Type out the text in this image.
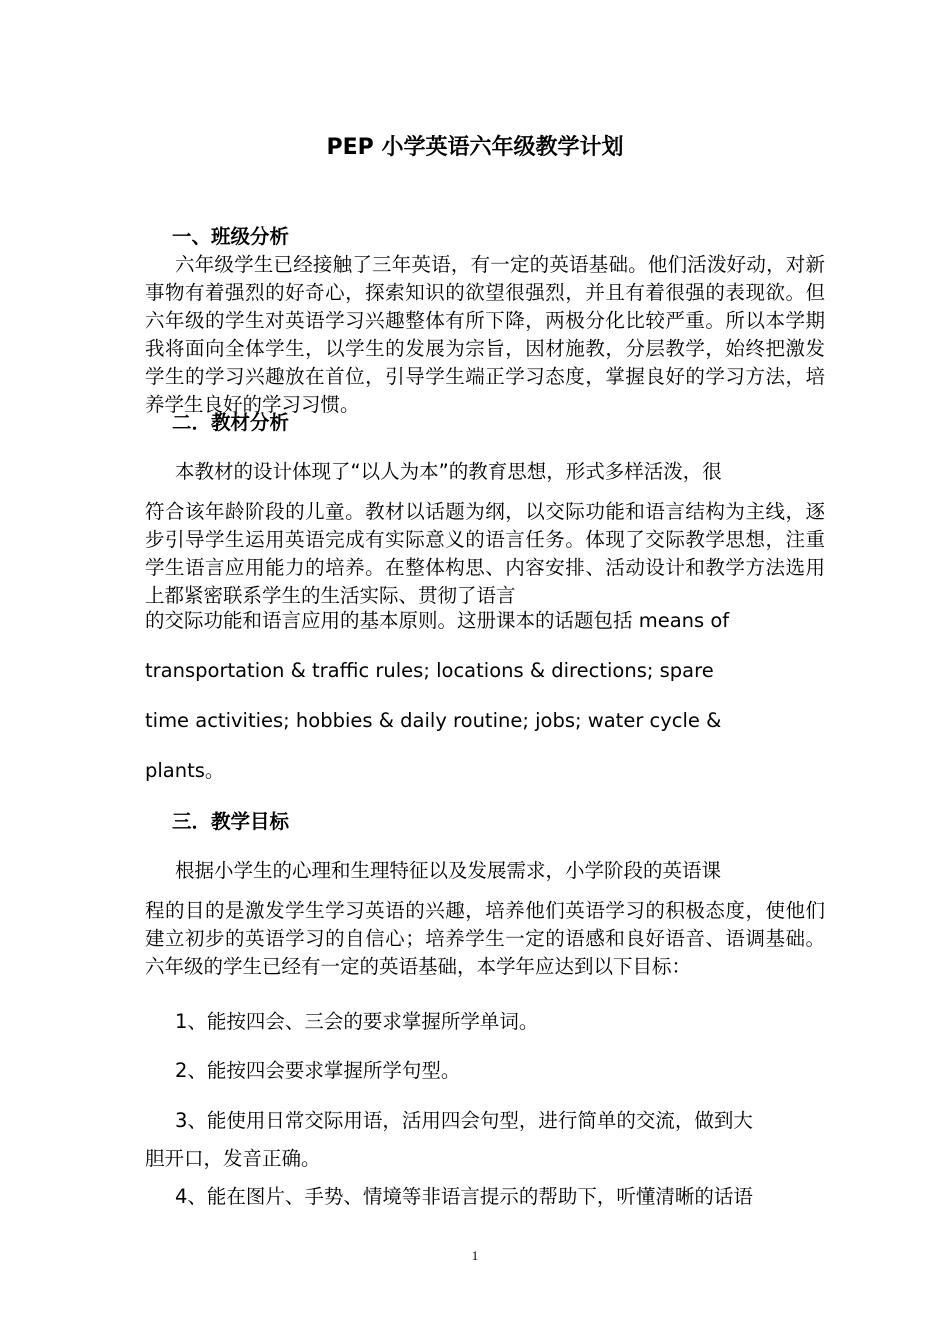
PEP 小学英语六年级教学计划
一、班级分析
六年级学生已经接触了三年英语，有一定的英语基础。他们活泼好动，对新事物有着强烈的好奇心，探索知识的欲望很强烈，并且有着很强的表现欲。但六年级的学生对英语学习兴趣整体有所下降，两极分化比较严重。所以本学期我将面向全体学生，以学生的发展为宗旨，因材施教，分层教学，始终把激发学生的学习兴趣放在首位，引导学生端正学习态度，掌握良好的学习方法，培养学生良好的学习习惯。
二．教材分析
本教材的设计体现了“以人为本”的教育思想，形式多样活泼，很
符合该年龄阶段的儿童。教材以话题为纲，以交际功能和语言结构为主线，逐步引导学生运用英语完成有实际意义的语言任务。体现了交际教学思想，注重学生语言应用能力的培养。在整体构思、内容安排、活动设计和教学方法选用上都紧密联系学生的生活实际、贯彻了语言
的交际功能和语言应用的基本原则。这册课本的话题包括 means of
transportation & traffic rules; locations & directions; spare
time activities; hobbies & daily routine; jobs; water cycle &
plants。
三．教学目标
根据小学生的心理和生理特征以及发展需求，小学阶段的英语课
程的目的是激发学生学习英语的兴趣，培养他们英语学习的积极态度，使他们建立初步的英语学习的自信心；培养学生一定的语感和良好语音、语调基础。六年级的学生已经有一定的英语基础，本学年应达到以下目标：
1、能按四会、三会的要求掌握所学单词。
2、能按四会要求掌握所学句型。
3、能使用日常交际用语，活用四会句型，进行简单的交流，做到大
胆开口，发音正确。
4、能在图片、手势、情境等非语言提示的帮助下，听懂清晰的话语
1
